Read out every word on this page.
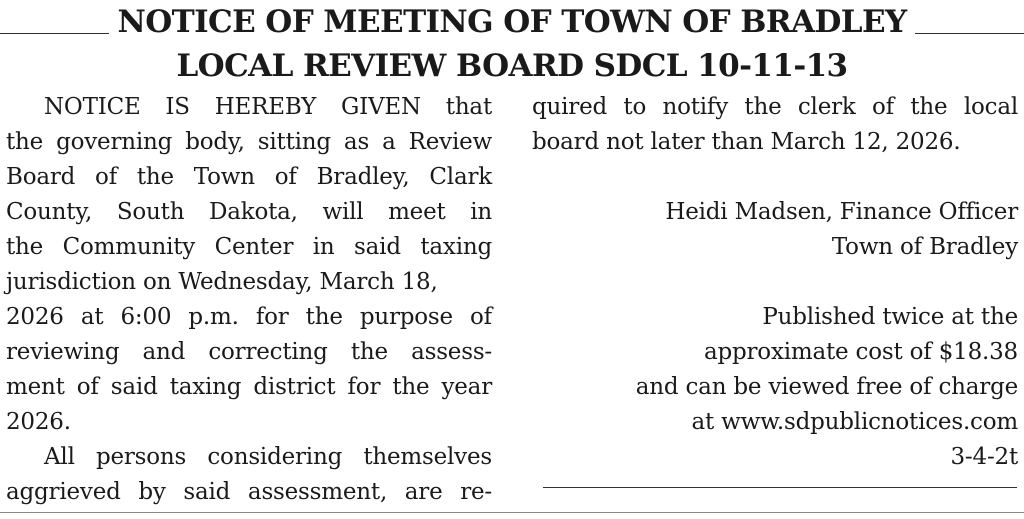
NOTICE OF MEETING OF TOWN OF BRADLEY
LOCAL REVIEW BOARD SDCL 10-11-13
NOTICE IS HEREBY GIVEN that
the governing body, sitting as a Review
Board of the Town of Bradley, Clark
County, South Dakota, will meet in
the Community Center in said taxing
jurisdiction on Wednesday, March 18,
2026 at 6:00 p.m. for the purpose of
reviewing and correcting the assess-
ment of said taxing district for the year
2026.
All persons considering themselves
aggrieved by said assessment, are re-
quired to notify the clerk of the local
board not later than March 12, 2026.
Heidi Madsen, Finance Officer
Town of Bradley
Published twice at the
approximate cost of $18.38
and can be viewed free of charge
at www.sdpublicnotices.com
3-4-2t
